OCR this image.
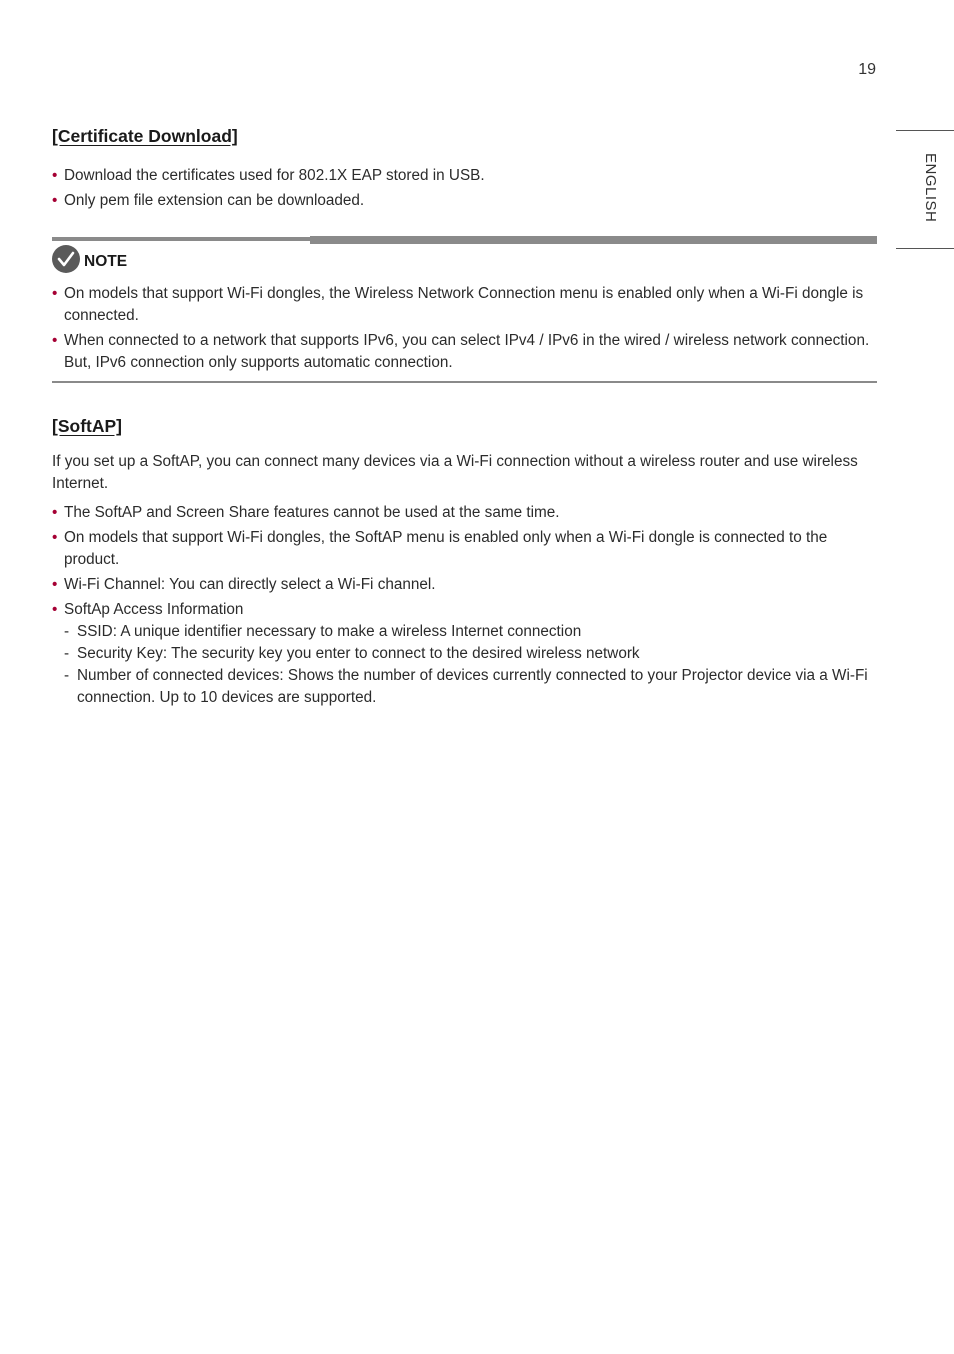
19
ENGLISH
[Certificate Download]
• Download the certificates used for 802.1X EAP stored in USB.
• Only pem file extension can be downloaded.
NOTE
• On models that support Wi-Fi dongles, the Wireless Network Connection menu is enabled only when a Wi-Fi dongle is connected.
• When connected to a network that supports IPv6, you can select IPv4 / IPv6 in the wired / wireless network connection. But, IPv6 connection only supports automatic connection.
[SoftAP]

If you set up a SoftAP, you can connect many devices via a Wi-Fi connection without a wireless router and use wireless Internet.

• The SoftAP and Screen Share features cannot be used at the same time.
• On models that support Wi-Fi dongles, the SoftAP menu is enabled only when a Wi-Fi dongle is connected to the product.
• Wi-Fi Channel: You can directly select a Wi-Fi channel.
• SoftAp Access Information
- SSID: A unique identifier necessary to make a wireless Internet connection
- Security Key: The security key you enter to connect to the desired wireless network
- Number of connected devices: Shows the number of devices currently connected to your Projector device via a Wi-Fi connection. Up to 10 devices are supported.
